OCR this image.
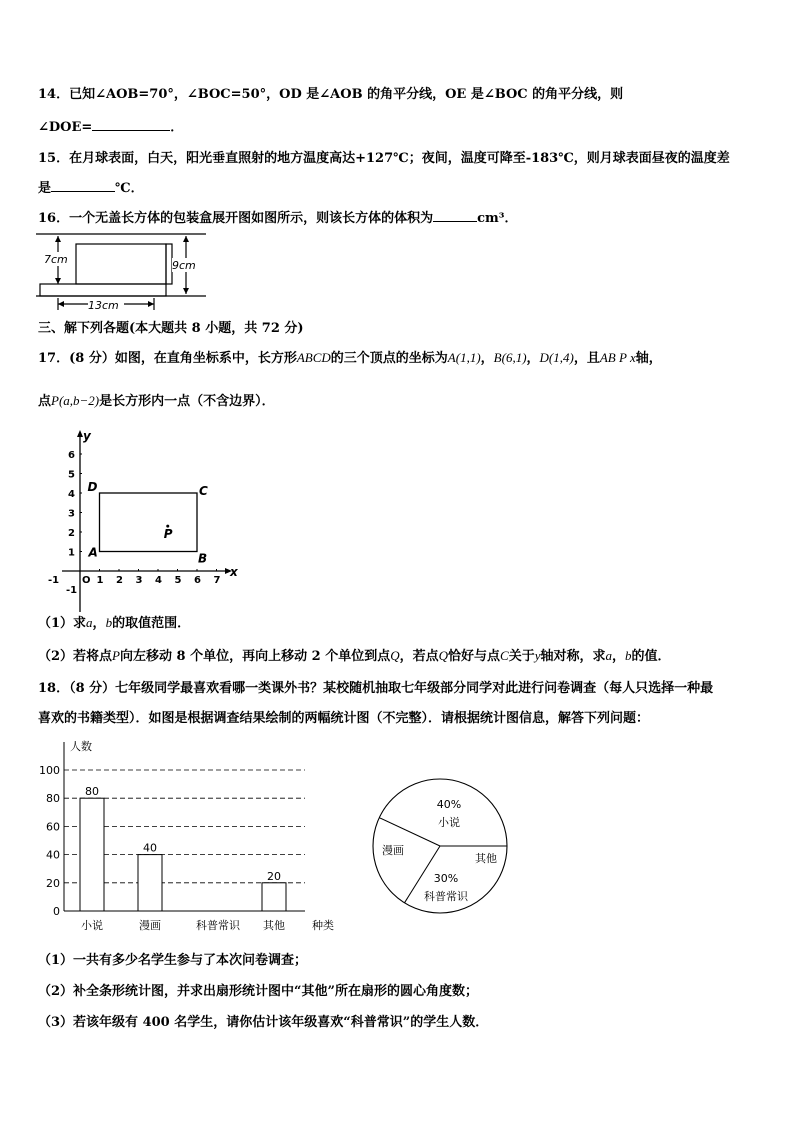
14．已知∠AOB=70°，∠BOC=50°，OD 是∠AOB 的角平分线，OE 是∠BOC 的角平分线，则
∠DOE=	．
15．在月球表面，白天，阳光垂直照射的地方温度高达+127℃；夜间，温度可降至-183℃，则月球表面昼夜的温度差
是	℃．
16．一个无盖长方体的包装盒展开图如图所示，则该长方体的体积为	cm³．
7cm	9cm
13cm
三、解下列各题(本大题共 8 小题，共 72 分)
17．(8 分）如图，在直角坐标系中，长方形ABCD的三个顶点的坐标为A(1,1)，B(6,1)，D(1,4)，且AB P x轴，
点P(a,b−2)是长方形内一点（不含边界）．
x
y
1 2 3 4 5 6 7
6
5
4
3
2
1
-1 O
-1
A	B
C
D
P
（1）求a，b的取值范围．
（2）若将点P向左移动 8 个单位，再向上移动 2 个单位到点Q，若点Q恰好与点C关于y轴对称，求a，b的值．
18．（8 分）七年级同学最喜欢看哪一类课外书？某校随机抽取七年级部分同学对此进行问卷调查（每人只选择一种最
喜欢的书籍类型）．如图是根据调查结果绘制的两幅统计图（不完整）．请根据统计图信息，解答下列问题：
人数
100
80
60
40
20
0
80
小说
40
漫画	科普常识
20
其他 种类
40%
小说
30%
科普常识
漫画
其他
（1）一共有多少名学生参与了本次问卷调查；
（2）补全条形统计图，并求出扇形统计图中“其他”所在扇形的圆心角度数；
（3）若该年级有 400 名学生，请你估计该年级喜欢“科普常识”的学生人数．
